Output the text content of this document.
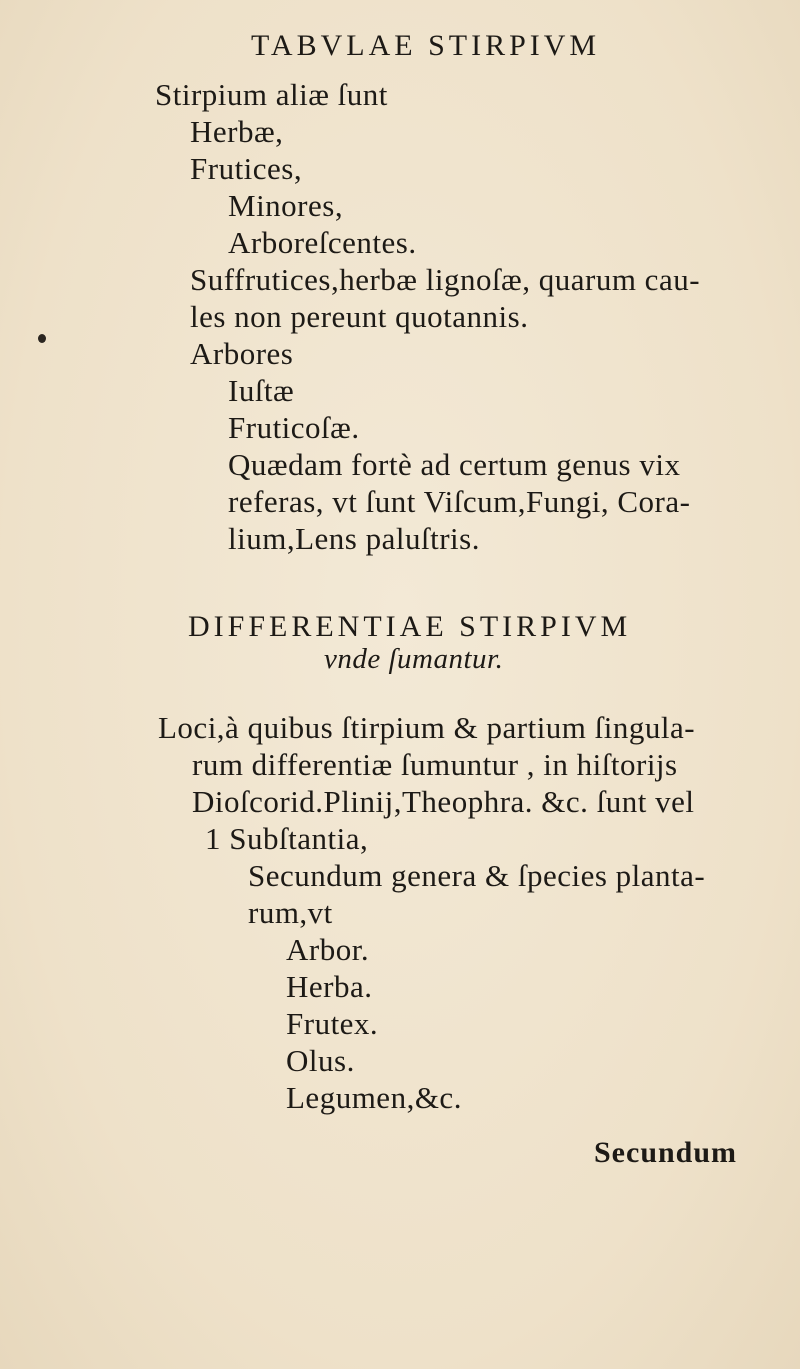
TABVLAE STIRPIVM
Stirpium aliæ ſunt
Herbæ,
Frutices,
Minores,
Arboreſcentes.
Suffrutices,herbæ lignoſæ, quarum cau-
les non pereunt quotannis.
Arbores
Iuſtæ
Fruticoſæ.
Quædam fortè ad certum genus vix
referas, vt ſunt Viſcum,Fungi, Cora-
lium,Lens paluſtris.
DIFFERENTIAE STIRPIVM
vnde ſumantur.
Loci,à quibus ſtirpium & partium ſingula-
rum differentiæ ſumuntur , in hiſtorijs
Dioſcorid.Plinij,Theophra. &c. ſunt vel
1 Subſtantia,
Secundum genera & ſpecies planta-
rum,vt
Arbor.
Herba.
Frutex.
Olus.
Legumen,&c.
Secundum
